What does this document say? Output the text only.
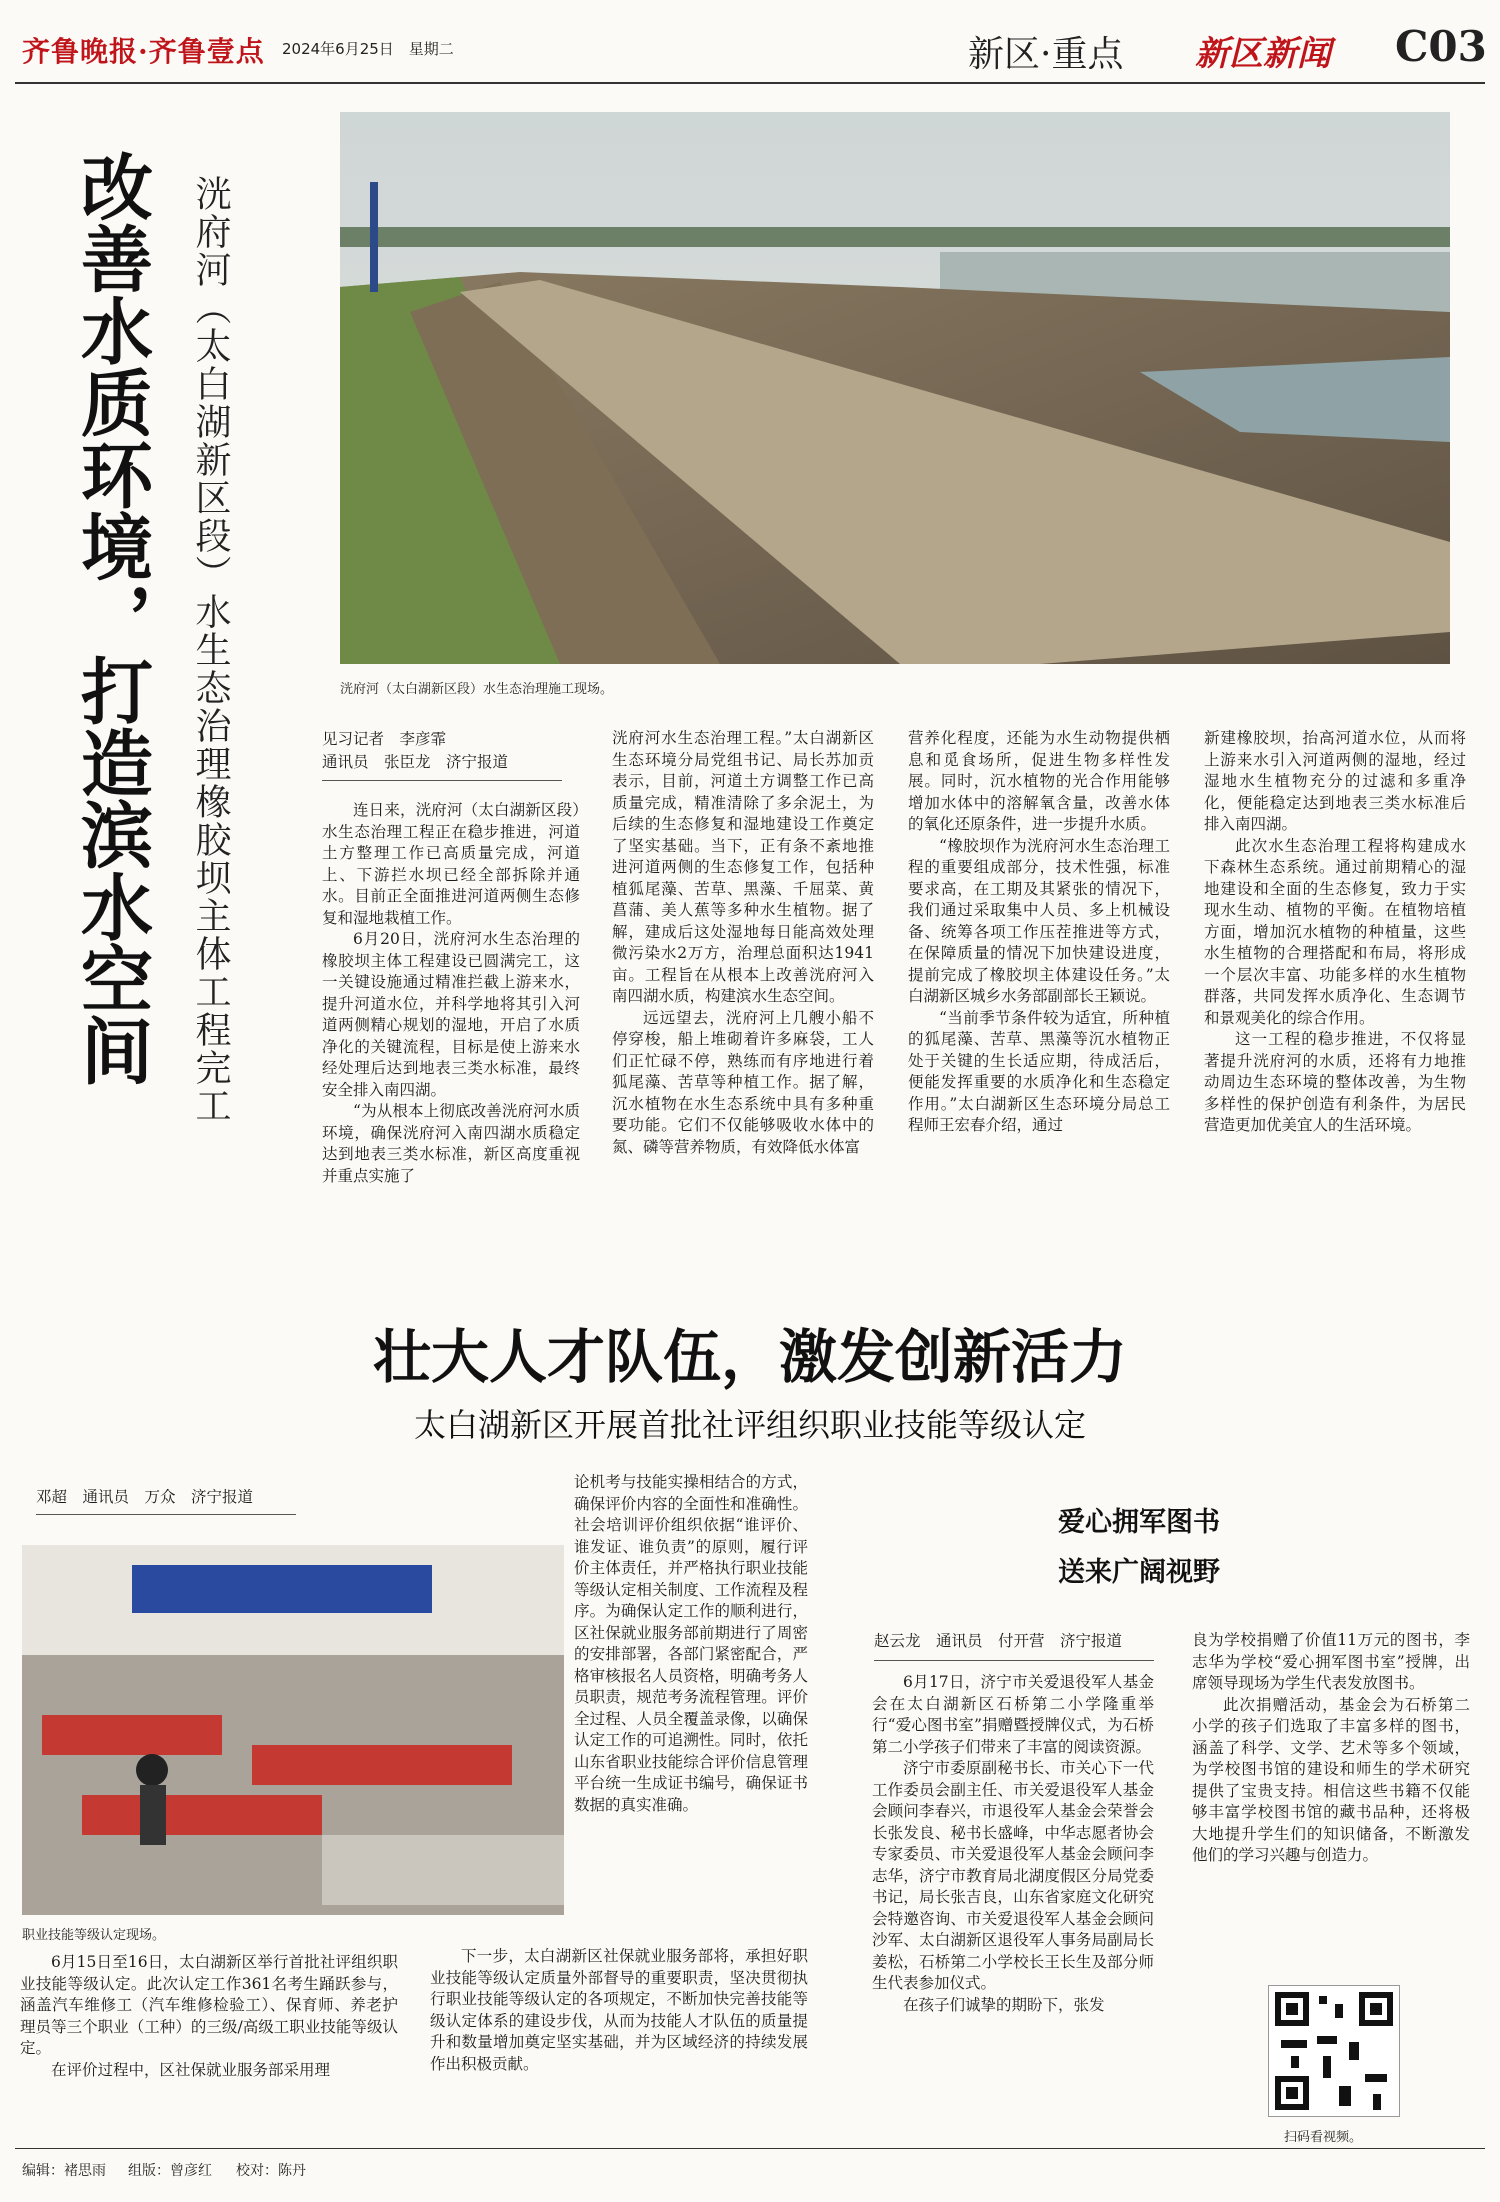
齐鲁晚报·齐鲁壹点 2024年6月25日　星期二	新区·重点 新区新闻 C03
改善水质环境，打造滨水空间 洸府河（太白湖新区段）水生态治理橡胶坝主体工程完工	洸府河（太白湖新区段）水生态治理施工现场。
见习记者　李彦霏
通讯员　张臣龙　济宁报道

连日来，洸府河（太白湖新区段）水生态治理工程正在稳步推进，河道土方整理工作已高质量完成，河道上、下游拦水坝已经全部拆除并通水。目前正全面推进河道两侧生态修复和湿地栽植工作。

6月20日，洸府河水生态治理的橡胶坝主体工程建设已圆满完工，这一关键设施通过精准拦截上游来水，提升河道水位，并科学地将其引入河道两侧精心规划的湿地，开启了水质净化的关键流程，目标是使上游来水经处理后达到地表三类水标准，最终安全排入南四湖。

“为从根本上彻底改善洸府河水质环境，确保洸府河入南四湖水质稳定达到地表三类水标准，新区高度重视并重点实施了

洸府河水生态治理工程。”太白湖新区生态环境分局党组书记、局长苏加贡表示，目前，河道土方调整工作已高质量完成，精准清除了多余泥土，为后续的生态修复和湿地建设工作奠定了坚实基础。当下，正有条不紊地推进河道两侧的生态修复工作，包括种植狐尾藻、苦草、黑藻、千屈菜、黄菖蒲、美人蕉等多种水生植物。据了解，建成后这处湿地每日能高效处理微污染水2万方，治理总面积达1941亩。工程旨在从根本上改善洸府河入南四湖水质，构建滨水生态空间。

远远望去，洸府河上几艘小船不停穿梭，船上堆砌着许多麻袋，工人们正忙碌不停，熟练而有序地进行着狐尾藻、苦草等种植工作。据了解，沉水植物在水生态系统中具有多种重要功能。它们不仅能够吸收水体中的氮、磷等营养物质，有效降低水体富

营养化程度，还能为水生动物提供栖息和觅食场所，促进生物多样性发展。同时，沉水植物的光合作用能够增加水体中的溶解氧含量，改善水体的氧化还原条件，进一步提升水质。

“橡胶坝作为洸府河水生态治理工程的重要组成部分，技术性强，标准要求高，在工期及其紧张的情况下，我们通过采取集中人员、多上机械设备、统筹各项工作压茬推进等方式，在保障质量的情况下加快建设进度，提前完成了橡胶坝主体建设任务。”太白湖新区城乡水务部副部长王颖说。

“当前季节条件较为适宜，所种植的狐尾藻、苦草、黑藻等沉水植物正处于关键的生长适应期，待成活后，便能发挥重要的水质净化和生态稳定作用。”太白湖新区生态环境分局总工程师王宏春介绍，通过

新建橡胶坝，抬高河道水位，从而将上游来水引入河道两侧的湿地，经过湿地水生植物充分的过滤和多重净化，便能稳定达到地表三类水标准后排入南四湖。

此次水生态治理工程将构建成水下森林生态系统。通过前期精心的湿地建设和全面的生态修复，致力于实现水生动、植物的平衡。在植物培植方面，增加沉水植物的种植量，这些水生植物的合理搭配和布局，将形成一个层次丰富、功能多样的水生植物群落，共同发挥水质净化、生态调节和景观美化的综合作用。

这一工程的稳步推进，不仅将显著提升洸府河的水质，还将有力地推动周边生态环境的整体改善，为生物多样性的保护创造有利条件，为居民营造更加优美宜人的生活环境。

壮大人才队伍，激发创新活力
太白湖新区开展首批社评组织职业技能等级认定
邓超　通讯员　万众　济宁报道
职业技能等级认定现场。

6月15日至16日，太白湖新区举行首批社评组织职业技能等级认定。此次认定工作361名考生踊跃参与，涵盖汽车维修工（汽车维修检验工）、保育师、养老护理员等三个职业（工种）的三级/高级工职业技能等级认定。

在评价过程中，区社保就业服务部采用理

论机考与技能实操相结合的方式，确保评价内容的全面性和准确性。社会培训评价组织依据“谁评价、谁发证、谁负责”的原则，履行评价主体责任，并严格执行职业技能等级认定相关制度、工作流程及程序。为确保认定工作的顺利进行，区社保就业服务部前期进行了周密的安排部署，各部门紧密配合，严格审核报名人员资格，明确考务人员职责，规范考务流程管理。评价全过程、人员全覆盖录像，以确保认定工作的可追溯性。同时，依托山东省职业技能综合评价信息管理平台统一生成证书编号，确保证书数据的真实准确。

下一步，太白湖新区社保就业服务部将，承担好职业技能等级认定质量外部督导的重要职责，坚决贯彻执行职业技能等级认定的各项规定，不断加快完善技能等级认定体系的建设步伐，从而为技能人才队伍的质量提升和数量增加奠定坚实基础，并为区域经济的持续发展作出积极贡献。

爱心拥军图书
送来广阔视野
赵云龙　通讯员　付开营　济宁报道

6月17日，济宁市关爱退役军人基金会在太白湖新区石桥第二小学隆重举行“爱心图书室”捐赠暨授牌仪式，为石桥第二小学孩子们带来了丰富的阅读资源。

济宁市委原副秘书长、市关心下一代工作委员会副主任、市关爱退役军人基金会顾问李春兴，市退役军人基金会荣誉会长张发良、秘书长盛峰，中华志愿者协会专家委员、市关爱退役军人基金会顾问李志华，济宁市教育局北湖度假区分局党委书记，局长张吉良，山东省家庭文化研究会特邀咨询、市关爱退役军人基金会顾问沙军、太白湖新区退役军人事务局副局长姜松，石桥第二小学校长王长生及部分师生代表参加仪式。

在孩子们诚挚的期盼下，张发

良为学校捐赠了价值11万元的图书，李志华为学校“爱心拥军图书室”授牌，出席领导现场为学生代表发放图书。

此次捐赠活动，基金会为石桥第二小学的孩子们选取了丰富多样的图书，涵盖了科学、文学、艺术等多个领域，为学校图书馆的建设和师生的学术研究提供了宝贵支持。相信这些书籍不仅能够丰富学校图书馆的藏书品种，还将极大地提升学生们的知识储备，不断激发他们的学习兴趣与创造力。

扫码看视频。
编辑：褚思雨 组版：曾彦红 校对：陈丹
